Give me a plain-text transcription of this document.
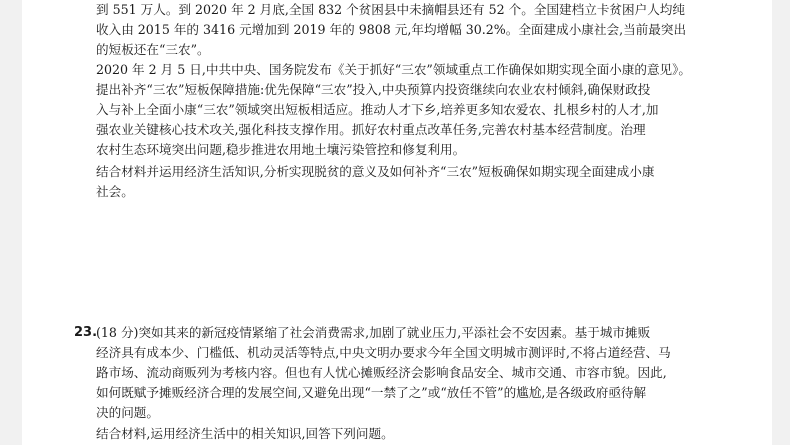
到 551 万人。到 2020 年 2 月底,全国 832 个贫困县中未摘帽县还有 52 个。全国建档立卡贫困户人均纯
收入由 2015 年的 3416 元增加到 2019 年的 9808 元,年均增幅 30.2%。全面建成小康社会,当前最突出
的短板还在“三农”。
2020 年 2 月 5 日,中共中央、国务院发布《关于抓好“三农”领域重点工作确保如期实现全面小康的意见》。
提出补齐“三农”短板保障措施:优先保障“三农”投入,中央预算内投资继续向农业农村倾斜,确保财政投
入与补上全面小康“三农”领域突出短板相适应。推动人才下乡,培养更多知农爱农、扎根乡村的人才,加
强农业关键核心技术攻关,强化科技支撑作用。抓好农村重点改革任务,完善农村基本经营制度。治理
农村生态环境突出问题,稳步推进农用地土壤污染管控和修复利用。
结合材料并运用经济生活知识,分析实现脱贫的意义及如何补齐“三农”短板确保如期实现全面建成小康
社会。
23.
(18 分)突如其来的新冠疫情紧缩了社会消费需求,加剧了就业压力,平添社会不安因素。基于城市摊贩
经济具有成本少、门槛低、机动灵活等特点,中央文明办要求今年全国文明城市测评时,不将占道经营、马
路市场、流动商贩列为考核内容。但也有人忧心摊贩经济会影响食品安全、城市交通、市容市貌。因此,
如何既赋予摊贩经济合理的发展空间,又避免出现“一禁了之”或“放任不管”的尴尬,是各级政府亟待解
决的问题。
结合材料,运用经济生活中的相关知识,回答下列问题。
